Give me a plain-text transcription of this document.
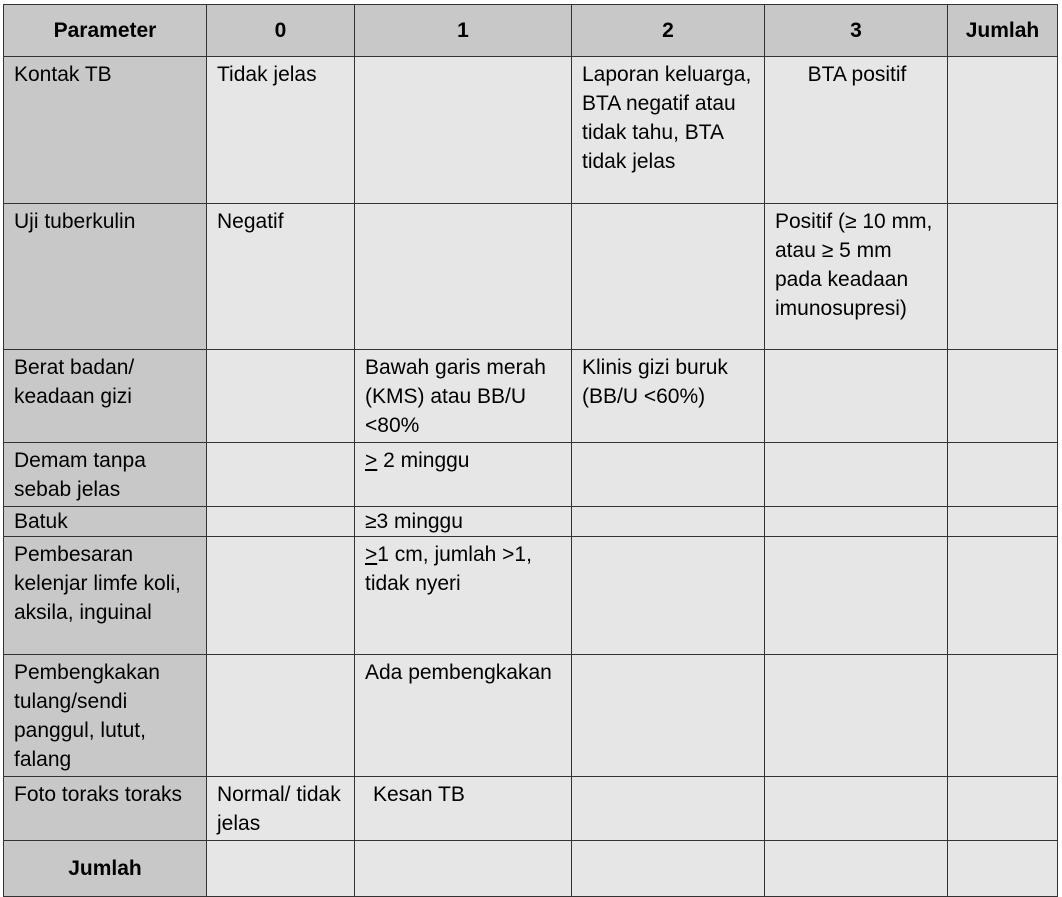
Parameter	0	1	2	3	Jumlah
Kontak TB	Tidak jelas		Laporan keluarga, BTA negatif atau tidak tahu, BTA tidak jelas	BTA positif	
Uji tuberkulin	Negatif			Positif (≥ 10 mm, atau ≥ 5 mm pada keadaan imunosupresi)	
Berat badan/ keadaan gizi		Bawah garis merah (KMS) atau BB/U <80%	Klinis gizi buruk (BB/U <60%)		
Demam tanpa sebab jelas		≥ 2 minggu			
Batuk		≥3 minggu			
Pembesaran kelenjar limfe koli, aksila, inguinal		≥1 cm, jumlah >1, tidak nyeri			
Pembengkakan tulang/sendi panggul, lutut, falang		Ada pembengkakan			
Foto toraks toraks	Normal/ tidak jelas	Kesan TB			
Jumlah					
